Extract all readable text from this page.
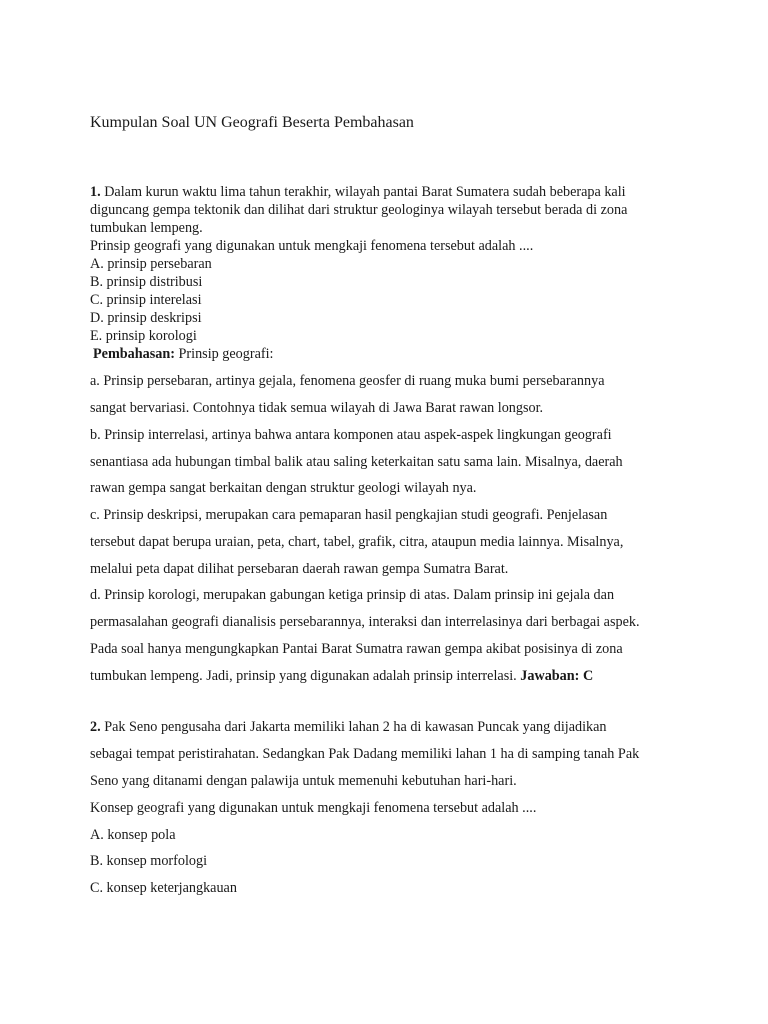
Kumpulan Soal UN Geografi Beserta Pembahasan
1. Dalam kurun waktu lima tahun terakhir, wilayah pantai Barat Sumatera sudah beberapa kali
diguncang gempa tektonik dan dilihat dari struktur geologinya wilayah tersebut berada di zona
tumbukan lempeng.
Prinsip geografi yang digunakan untuk mengkaji fenomena tersebut adalah ....
A. prinsip persebaran
B. prinsip distribusi
C. prinsip interelasi
D. prinsip deskripsi
E. prinsip korologi
Pembahasan: Prinsip geografi:
a. Prinsip persebaran, artinya gejala, fenomena geosfer di ruang muka bumi persebarannya
sangat bervariasi. Contohnya tidak semua wilayah di Jawa Barat rawan longsor.
b. Prinsip interrelasi, artinya bahwa antara komponen atau aspek-aspek lingkungan geografi
senantiasa ada hubungan timbal balik atau saling keterkaitan satu sama lain. Misalnya, daerah
rawan gempa sangat berkaitan dengan struktur geologi wilayah nya.
c. Prinsip deskripsi, merupakan cara pemaparan hasil pengkajian studi geografi. Penjelasan
tersebut dapat berupa uraian, peta, chart, tabel, grafik, citra, ataupun media lainnya. Misalnya,
melalui peta dapat dilihat persebaran daerah rawan gempa Sumatra Barat.
d. Prinsip korologi, merupakan gabungan ketiga prinsip di atas. Dalam prinsip ini gejala dan
permasalahan geografi dianalisis persebarannya, interaksi dan interrelasinya dari berbagai aspek.
Pada soal hanya mengungkapkan Pantai Barat Sumatra rawan gempa akibat posisinya di zona
tumbukan lempeng. Jadi, prinsip yang digunakan adalah prinsip interrelasi. Jawaban: C
2. Pak Seno pengusaha dari Jakarta memiliki lahan 2 ha di kawasan Puncak yang dijadikan
sebagai tempat peristirahatan. Sedangkan Pak Dadang memiliki lahan 1 ha di samping tanah Pak
Seno yang ditanami dengan palawija untuk memenuhi kebutuhan hari-hari.
Konsep geografi yang digunakan untuk mengkaji fenomena tersebut adalah ....
A. konsep pola
B. konsep morfologi
C. konsep keterjangkauan
